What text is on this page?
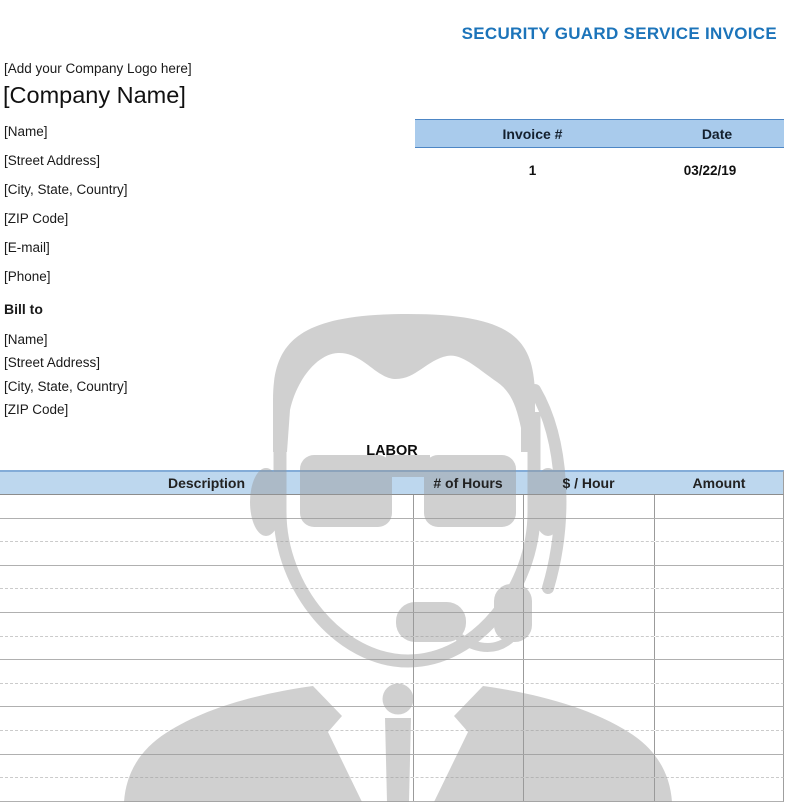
SECURITY GUARD SERVICE INVOICE
[Add your Company Logo here]
[Company Name]
[Name]
[Street Address]
[City, State, Country]
[ZIP Code]
[E-mail]
[Phone]
Invoice #	Date
1	03/22/19
Bill to
[Name]
[Street Address]
[City, State, Country]
[ZIP Code]
LABOR
Description	# of Hours	$ / Hour	Amount
